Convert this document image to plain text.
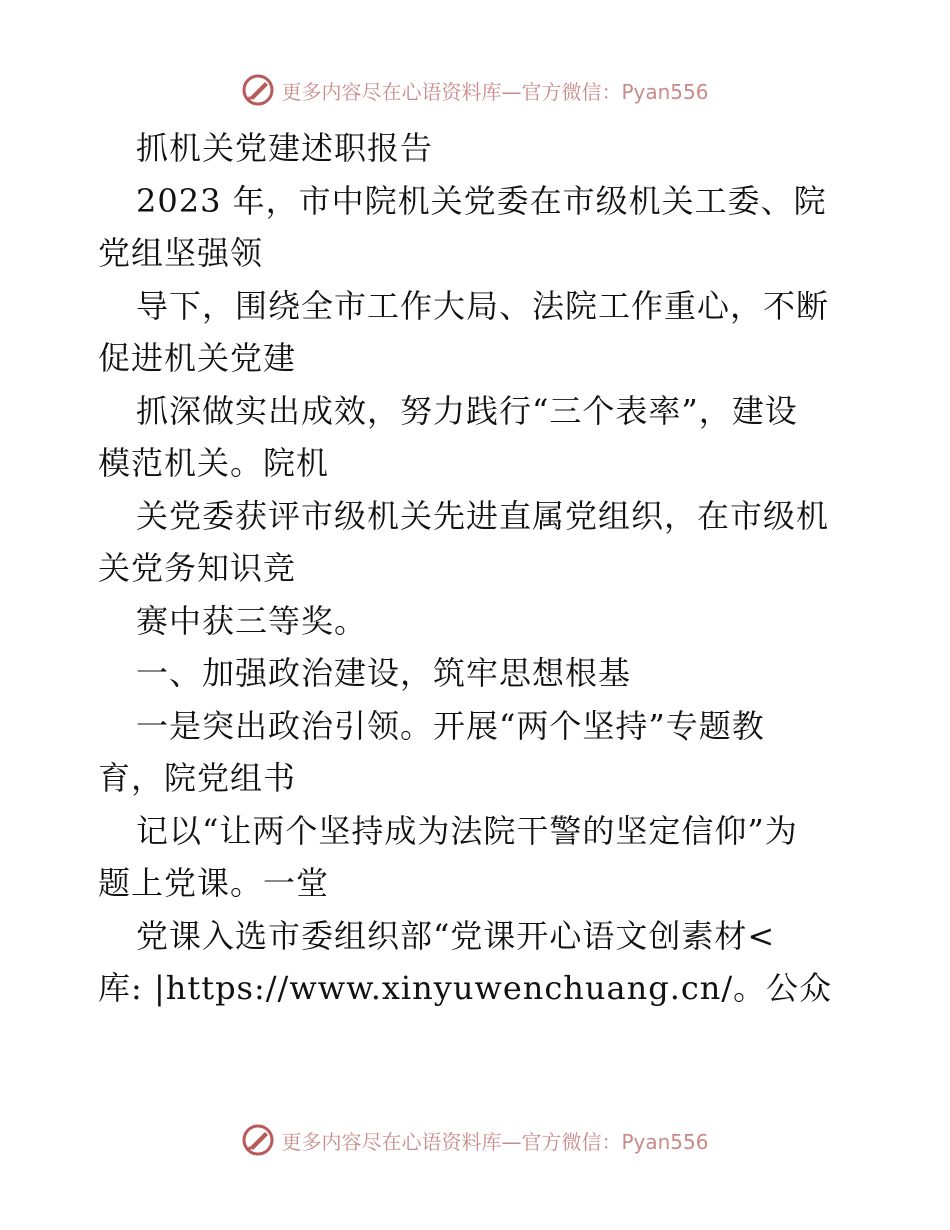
更多内容尽在心语资料库—官方微信：Pyan556
抓机关党建述职报告
2023 年，市中院机关党委在市级机关工委、院
党组坚强领
导下，围绕全市工作大局、法院工作重心，不断
促进机关党建
抓深做实出成效，努力践行“三个表率”，建设
模范机关。院机
关党委获评市级机关先进直属党组织，在市级机
关党务知识竞
赛中获三等奖。
一、加强政治建设，筑牢思想根基
一是突出政治引领。开展“两个坚持”专题教
育，院党组书
记以“让两个坚持成为法院干警的坚定信仰”为
题上党课。一堂
党课入选市委组织部“党课开心语文创素材<
库: |https://www.xinyuwenchuang.cn/。公众
更多内容尽在心语资料库—官方微信：Pyan556
